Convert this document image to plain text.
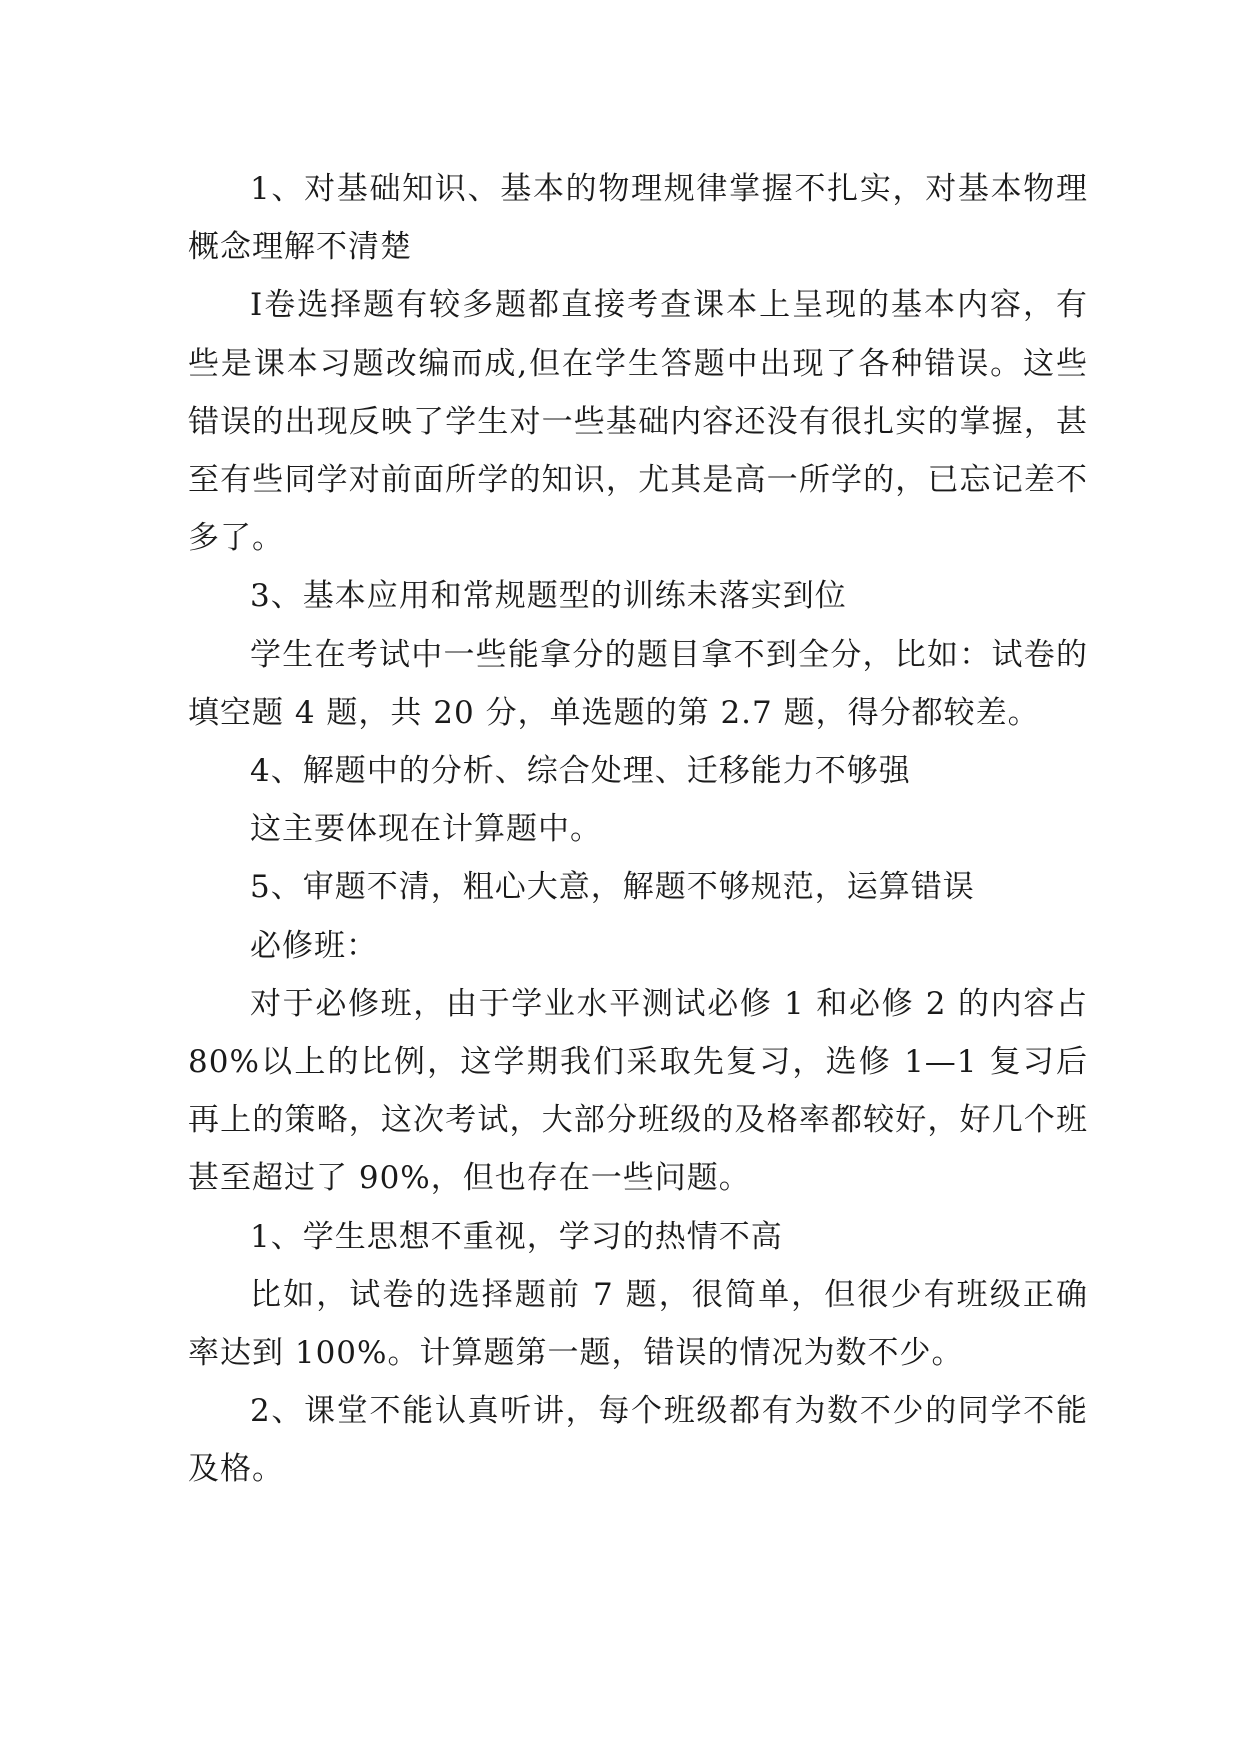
1、对基础知识、基本的物理规律掌握不扎实，对基本物理概念理解不清楚

Ⅰ卷选择题有较多题都直接考查课本上呈现的基本内容，有些是课本习题改编而成,但在学生答题中出现了各种错误。这些错误的出现反映了学生对一些基础内容还没有很扎实的掌握，甚至有些同学对前面所学的知识，尤其是高一所学的，已忘记差不多了。

3、基本应用和常规题型的训练未落实到位

学生在考试中一些能拿分的题目拿不到全分，比如：试卷的填空题 4 题，共 20 分，单选题的第 2.7 题，得分都较差。

4、解题中的分析、综合处理、迁移能力不够强

这主要体现在计算题中。

5、审题不清，粗心大意，解题不够规范，运算错误

必修班：

对于必修班，由于学业水平测试必修 1 和必修 2 的内容占 80%以上的比例，这学期我们采取先复习，选修 1—1 复习后再上的策略，这次考试，大部分班级的及格率都较好，好几个班甚至超过了 90%，但也存在一些问题。

1、学生思想不重视，学习的热情不高

比如，试卷的选择题前 7 题，很简单，但很少有班级正确率达到 100%。计算题第一题，错误的情况为数不少。

2、课堂不能认真听讲，每个班级都有为数不少的同学不能及格。
